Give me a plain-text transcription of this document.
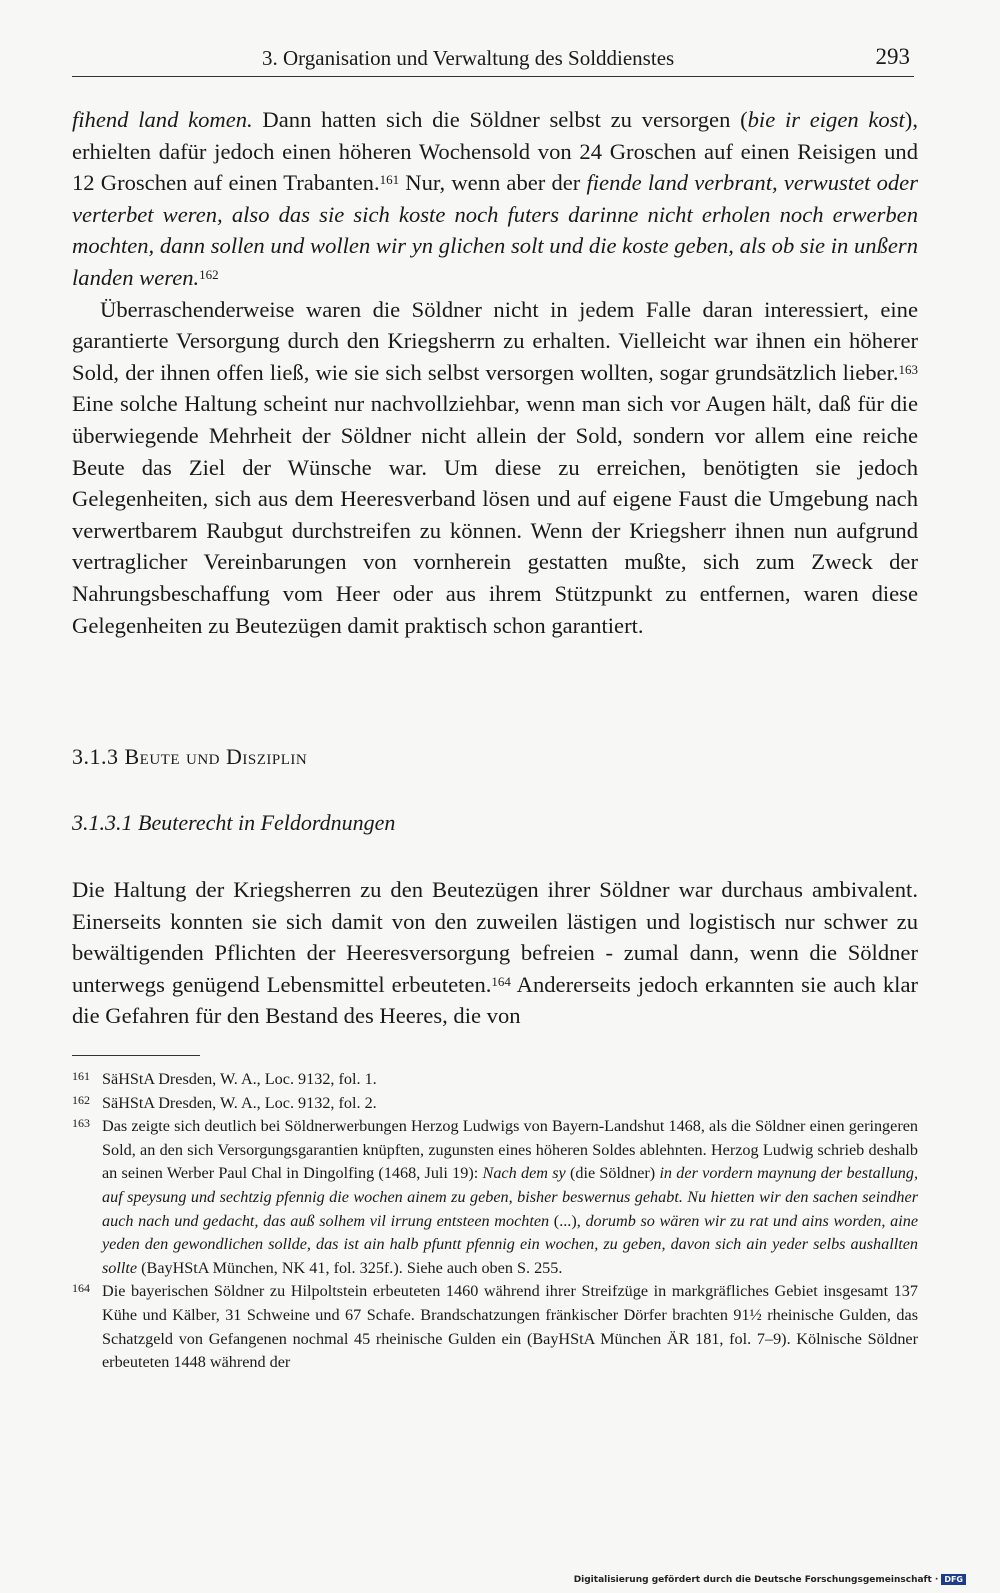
3. Organisation und Verwaltung des Solddienstes	293

fihend land komen. Dann hatten sich die Söldner selbst zu versorgen (bie ir eigen kost), erhielten dafür jedoch einen höheren Wochensold von 24 Groschen auf einen Reisigen und 12 Groschen auf einen Trabanten.$^{161}$ Nur, wenn aber der fiende land verbrant, verwustet oder verterbet weren, also das sie sich koste noch futers darinne nicht erholen noch erwerben mochten, dann sollen und wollen wir yn glichen solt und die koste geben, als ob sie in unßern landen weren.$^{162}$

Überraschenderweise waren die Söldner nicht in jedem Falle daran interessiert, eine garantierte Versorgung durch den Kriegsherrn zu erhalten. Vielleicht war ihnen ein höherer Sold, der ihnen offen ließ, wie sie sich selbst versorgen wollten, sogar grundsätzlich lieber.$^{163}$ Eine solche Haltung scheint nur nachvollziehbar, wenn man sich vor Augen hält, daß für die überwiegende Mehrheit der Söldner nicht allein der Sold, sondern vor allem eine reiche Beute das Ziel der Wünsche war. Um diese zu erreichen, benötigten sie jedoch Gelegenheiten, sich aus dem Heeresverband lösen und auf eigene Faust die Umgebung nach verwertbarem Raubgut durchstreifen zu können. Wenn der Kriegsherr ihnen nun aufgrund vertraglicher Vereinbarungen von vornherein gestatten mußte, sich zum Zweck der Nahrungsbeschaffung vom Heer oder aus ihrem Stützpunkt zu entfernen, waren diese Gelegenheiten zu Beutezügen damit praktisch schon garantiert.

3.1.3 Beute und Disziplin
3.1.3.1 Beuterecht in Feldordnungen

Die Haltung der Kriegsherren zu den Beutezügen ihrer Söldner war durchaus ambivalent. Einerseits konnten sie sich damit von den zuweilen lästigen und logistisch nur schwer zu bewältigenden Pflichten der Heeresversorgung befreien - zumal dann, wenn die Söldner unterwegs genügend Lebensmittel erbeuteten.$^{164}$ Andererseits jedoch erkannten sie auch klar die Gefahren für den Bestand des Heeres, die von

161 SäHStA Dresden, W. A., Loc. 9132, fol. 1.

162 SäHStA Dresden, W. A., Loc. 9132, fol. 2.

163 Das zeigte sich deutlich bei Söldnerwerbungen Herzog Ludwigs von Bayern-Landshut 1468, als die Söldner einen geringeren Sold, an den sich Versorgungsgarantien knüpften, zugunsten eines höheren Soldes ablehnten. Herzog Ludwig schrieb deshalb an seinen Werber Paul Chal in Dingolfing (1468, Juli 19): Nach dem sy (die Söldner) in der vordern maynung der bestallung, auf speysung und sechtzig pfennig die wochen ainem zu geben, bisher beswernus gehabt. Nu hietten wir den sachen seindher auch nach und gedacht, das auß solhem vil irrung entsteen mochten (...), dorumb so wären wir zu rat und ains worden, aine yeden den gewondlichen sollde, das ist ain halb pfuntt pfennig ein wochen, zu geben, davon sich ain yeder selbs aushallten sollte (BayHStA München, NK 41, fol. 325f.). Siehe auch oben S. 255.

164 Die bayerischen Söldner zu Hilpoltstein erbeuteten 1460 während ihrer Streifzüge in markgräfliches Gebiet insgesamt 137 Kühe und Kälber, 31 Schweine und 67 Schafe. Brandschatzungen fränkischer Dörfer brachten 91½ rheinische Gulden, das Schatzgeld von Gefangenen nochmal 45 rheinische Gulden ein (BayHStA München ÄR 181, fol. 7–9). Kölnische Söldner erbeuteten 1448 während der

Digitalisierung gefördert durch die Deutsche Forschungsgemeinschaft · DFG
